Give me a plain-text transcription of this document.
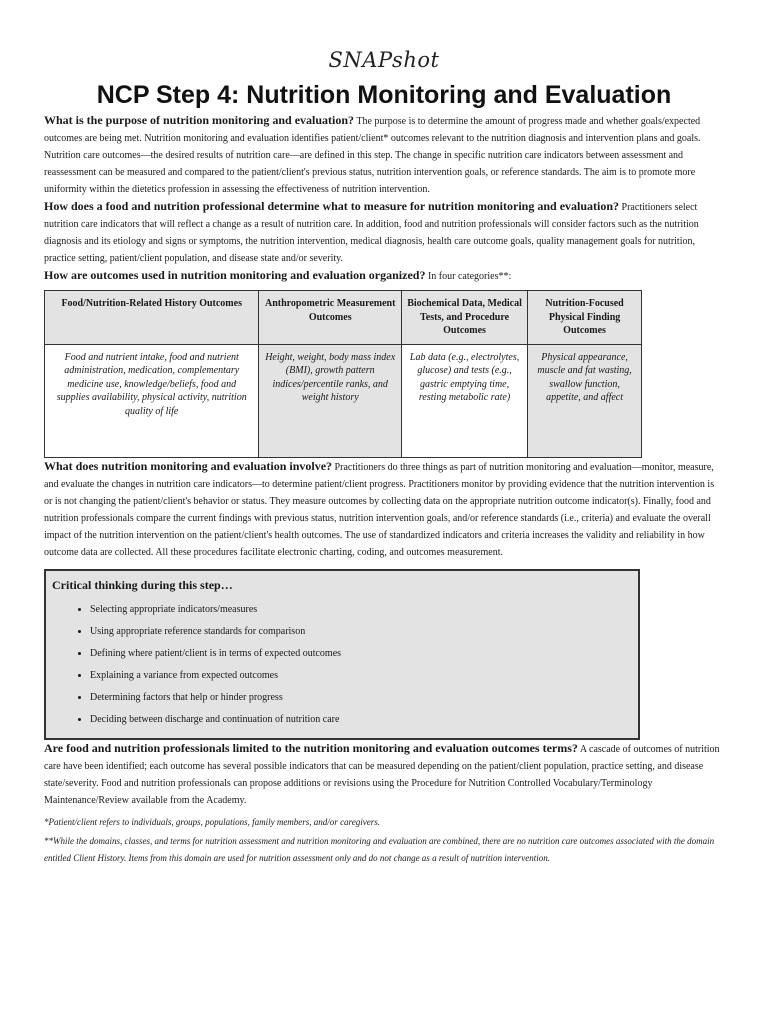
SNAPshot
NCP Step 4: Nutrition Monitoring and Evaluation

What is the purpose of nutrition monitoring and evaluation? The purpose is to determine the amount of progress made and whether goals/expected outcomes are being met. Nutrition monitoring and evaluation identifies patient/client* outcomes relevant to the nutrition diagnosis and intervention plans and goals. Nutrition care outcomes—the desired results of nutrition care—are defined in this step. The change in specific nutrition care indicators between assessment and reassessment can be measured and compared to the patient/client's previous status, nutrition intervention goals, or reference standards. The aim is to promote more uniformity within the dietetics profession in assessing the effectiveness of nutrition intervention.

How does a food and nutrition professional determine what to measure for nutrition monitoring and evaluation? Practitioners select nutrition care indicators that will reflect a change as a result of nutrition care. In addition, food and nutrition professionals will consider factors such as the nutrition diagnosis and its etiology and signs or symptoms, the nutrition intervention, medical diagnosis, health care outcome goals, quality management goals for nutrition, practice setting, patient/client population, and disease state and/or severity.

How are outcomes used in nutrition monitoring and evaluation organized? In four categories**:

Food/Nutrition-Related History Outcomes	Anthropometric Measurement Outcomes	Biochemical Data, Medical Tests, and Procedure Outcomes	Nutrition-Focused Physical Finding Outcomes
Food and nutrient intake, food and nutrient administration, medication, complementary medicine use, knowledge/beliefs, food and supplies availability, physical activity, nutrition quality of life	Height, weight, body mass index (BMI), growth pattern indices/percentile ranks, and weight history	Lab data (e.g., electrolytes, glucose) and tests (e.g., gastric emptying time, resting metabolic rate)	Physical appearance, muscle and fat wasting, swallow function, appetite, and affect

What does nutrition monitoring and evaluation involve? Practitioners do three things as part of nutrition monitoring and evaluation—monitor, measure, and evaluate the changes in nutrition care indicators—to determine patient/client progress. Practitioners monitor by providing evidence that the nutrition intervention is or is not changing the patient/client's behavior or status. They measure outcomes by collecting data on the appropriate nutrition outcome indicator(s). Finally, food and nutrition professionals compare the current findings with previous status, nutrition intervention goals, and/or reference standards (i.e., criteria) and evaluate the overall impact of the nutrition intervention on the patient/client's health outcomes. The use of standardized indicators and criteria increases the validity and reliability in how outcome data are collected. All these procedures facilitate electronic charting, coding, and outcomes measurement.

Critical thinking during this step…
• Selecting appropriate indicators/measures
• Using appropriate reference standards for comparison
• Defining where patient/client is in terms of expected outcomes
• Explaining a variance from expected outcomes
• Determining factors that help or hinder progress
• Deciding between discharge and continuation of nutrition care

Are food and nutrition professionals limited to the nutrition monitoring and evaluation outcomes terms? A cascade of outcomes of nutrition care have been identified; each outcome has several possible indicators that can be measured depending on the patient/client population, practice setting, and disease state/severity. Food and nutrition professionals can propose additions or revisions using the Procedure for Nutrition Controlled Vocabulary/Terminology Maintenance/Review available from the Academy.

*Patient/client refers to individuals, groups, populations, family members, and/or caregivers.

**While the domains, classes, and terms for nutrition assessment and nutrition monitoring and evaluation are combined, there are no nutrition care outcomes associated with the domain entitled Client History. Items from this domain are used for nutrition assessment only and do not change as a result of nutrition intervention.
